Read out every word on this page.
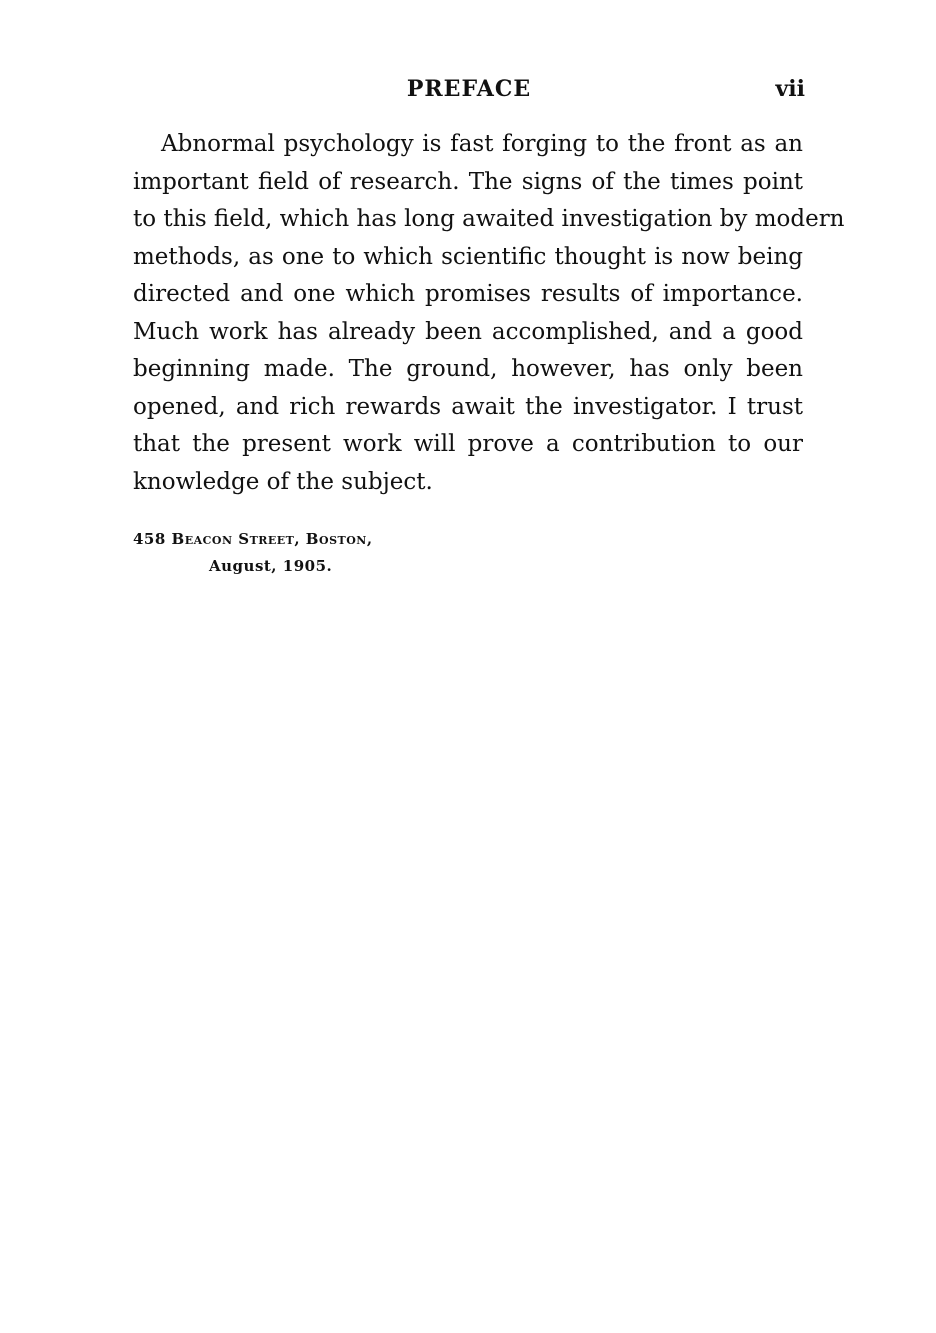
PREFACE	vii
Abnormal psychology is fast forging to the front as an
important field of research. The signs of the times point
to this field, which has long awaited investigation by modern
methods, as one to which scientific thought is now being
directed and one which promises results of importance.
Much work has already been accomplished, and a good
beginning made. The ground, however, has only been
opened, and rich rewards await the investigator. I trust
that the present work will prove a contribution to our
knowledge of the subject.
458 Beacon Street, Boston,
August, 1905.
